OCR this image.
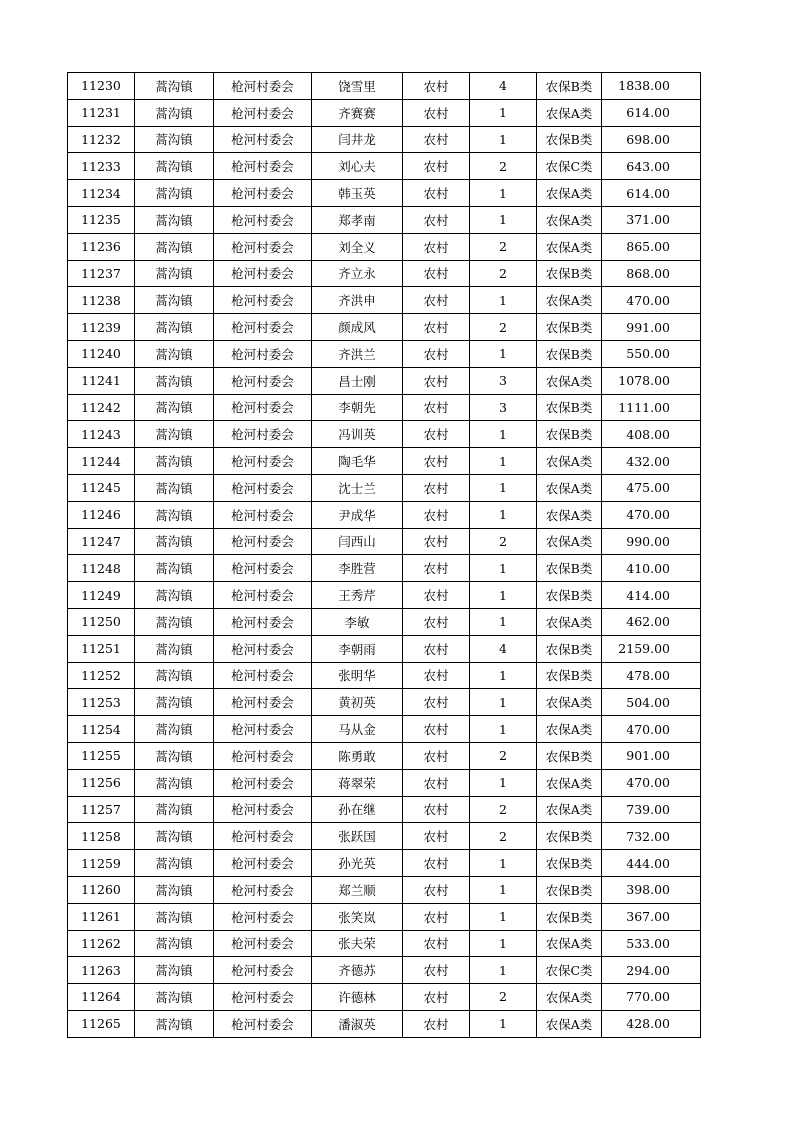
11230	蒿沟镇	枪河村委会	饶雪里	农村	4	农保B类	1838.00
11231	蒿沟镇	枪河村委会	齐赛赛	农村	1	农保A类	614.00
11232	蒿沟镇	枪河村委会	闫井龙	农村	1	农保B类	698.00
11233	蒿沟镇	枪河村委会	刘心夫	农村	2	农保C类	643.00
11234	蒿沟镇	枪河村委会	韩玉英	农村	1	农保A类	614.00
11235	蒿沟镇	枪河村委会	郑孝南	农村	1	农保A类	371.00
11236	蒿沟镇	枪河村委会	刘全义	农村	2	农保A类	865.00
11237	蒿沟镇	枪河村委会	齐立永	农村	2	农保B类	868.00
11238	蒿沟镇	枪河村委会	齐洪申	农村	1	农保A类	470.00
11239	蒿沟镇	枪河村委会	颜成风	农村	2	农保B类	991.00
11240	蒿沟镇	枪河村委会	齐洪兰	农村	1	农保B类	550.00
11241	蒿沟镇	枪河村委会	昌士刚	农村	3	农保A类	1078.00
11242	蒿沟镇	枪河村委会	李朝先	农村	3	农保B类	1111.00
11243	蒿沟镇	枪河村委会	冯训英	农村	1	农保B类	408.00
11244	蒿沟镇	枪河村委会	陶毛华	农村	1	农保A类	432.00
11245	蒿沟镇	枪河村委会	沈士兰	农村	1	农保A类	475.00
11246	蒿沟镇	枪河村委会	尹成华	农村	1	农保A类	470.00
11247	蒿沟镇	枪河村委会	闫西山	农村	2	农保A类	990.00
11248	蒿沟镇	枪河村委会	李胜营	农村	1	农保B类	410.00
11249	蒿沟镇	枪河村委会	王秀芹	农村	1	农保B类	414.00
11250	蒿沟镇	枪河村委会	李敏	农村	1	农保A类	462.00
11251	蒿沟镇	枪河村委会	李朝雨	农村	4	农保B类	2159.00
11252	蒿沟镇	枪河村委会	张明华	农村	1	农保B类	478.00
11253	蒿沟镇	枪河村委会	黄初英	农村	1	农保A类	504.00
11254	蒿沟镇	枪河村委会	马从金	农村	1	农保A类	470.00
11255	蒿沟镇	枪河村委会	陈勇敢	农村	2	农保B类	901.00
11256	蒿沟镇	枪河村委会	蒋翠荣	农村	1	农保A类	470.00
11257	蒿沟镇	枪河村委会	孙在继	农村	2	农保A类	739.00
11258	蒿沟镇	枪河村委会	张跃国	农村	2	农保B类	732.00
11259	蒿沟镇	枪河村委会	孙光英	农村	1	农保B类	444.00
11260	蒿沟镇	枪河村委会	郑兰顺	农村	1	农保B类	398.00
11261	蒿沟镇	枪河村委会	张笑岚	农村	1	农保B类	367.00
11262	蒿沟镇	枪河村委会	张夫荣	农村	1	农保A类	533.00
11263	蒿沟镇	枪河村委会	齐德苏	农村	1	农保C类	294.00
11264	蒿沟镇	枪河村委会	许德林	农村	2	农保A类	770.00
11265	蒿沟镇	枪河村委会	潘淑英	农村	1	农保A类	428.00
